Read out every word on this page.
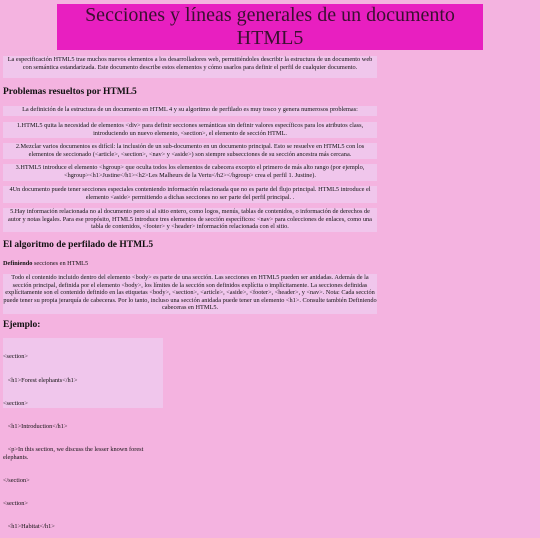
Secciones y líneas generales de un documento HTML5
La especificación HTML5 trae muchos nuevos elementos a los desarrolladores web, permitiéndoles describir la estructura de un documento web con semántica estandarizada. Este documento describe estos elementos y cómo usarlos para definir el perfil de cualquier documento.
Problemas resueltos por HTML5
La definición de la estructura de un documento en HTML 4 y su algoritmo de perfilado es muy tosco y genera numerosos problemas:
1.HTML5 quita la necesidad de elementos <div> para definir secciones semánticas sin definir valores específicos para los atributos class, introduciendo un nuevo elemento, <section>, el elemento de sección HTML.
2.Mezclar varios documentos es difícil: la inclusión de un sub-documento en un documento principal. Esto se resuelve en HTML5 con los elementos de seccionado (<article>, <section>, <nav> y <aside>) son siempre subsecciones de su sección ancestra más cercana.
3.HTML5 introduce el elemento <hgroup> que oculta todos los elementos de cabecera excepto el primero de más alto rango (por ejemplo, <hgroup><h1>Justine</h1><h2>Les Malheurs de la Vertu</h2></hgroup> crea el perfil 1. Justine).
4Un documento puede tener secciones especiales conteniendo información relacionada que no es parte del flujo principal. HTML5 introduce el elemento <aside> permitiendo a dichas secciones no ser parte del perfil principal. .
5.Hay información relacionada no al documento pero si al sitio entero, como logos, menús, tablas de contenidos, o información de derechos de autor y notas legales. Para ese propósito, HTML5 introduce tres elementos de sección específicos: <nav> para colecciones de enlaces, como una tabla de contenidos, <footer> y <header> información relacionada con el sitio.
El algoritmo de perfilado de HTML5
Definiendo secciones en HTML5
Todo el contenido incluido dentro del elemento <body> es parte de una sección. Las secciones en HTML5 pueden ser anidadas. Además de la sección principal, definida por el elemento <body>, los límites de la sección son definidos explícita o implícitamente. La secciones definidas explícitamente son el contenido definido en las etiquetas <body>, <section>, <article>, <aside>, <footer>, <header>, y <nav>. Nota: Cada sección puede tener su propia jerarquía de cabeceras. Por lo tanto, incluso una sección anidada puede tener un elemento <h1>. Consulte también Definiendo cabeceras en HTML5.
Ejemplo:

<section>

<h1>Forest elephants</h1>

<section>

<h1>Introduction</h1>

<p>In this section, we discuss the lesser known forest elephants.

</section>

<section>

<h1>Habitat</h1>
